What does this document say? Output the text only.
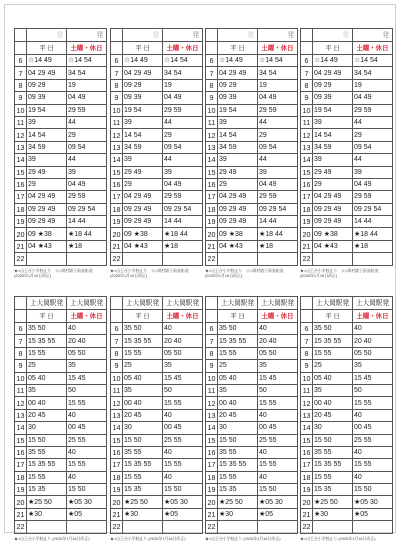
	　　　　発	　　　　発
	平 日	土曜・休日
6	☆14 49	☆14 54
7	04 29 49	34 54
8	09 29	19
9	09 39	04 49
10	19 54	29 59
11	39	44
12	14 54	29
13	34 59	09 54
14	39	44
15	29 49	39
16	29	04 49
17	04 29 49	29 59
18	09 29 49	09 29 54
19	09 29 49	14 44
20	09 ★38	★18 44
21	04 ★43	★18
22		
★=山王台小学校止り　☆=岡村園子前発始発
(2025年1月16日改正)
	　　　　発	　　　　発
	平 日	土曜・休日
6	☆14 49	☆14 54
7	04 29 49	34 54
8	09 29	19
9	09 39	04 49
10	19 54	29 59
11	39	44
12	14 54	29
13	34 59	09 54
14	39	44
15	29 49	39
16	29	04 49
17	04 29 49	29 59
18	09 29 49	09 29 54
19	09 29 49	14 44
20	09 ★38	★18 44
21	04 ★43	★18
22		
★=山王台小学校止り　☆=岡村園子前発始発
(2025年1月16日改正)
	　　　　発	　　　　発
	平 日	土曜・休日
6	☆14 49	☆14 54
7	04 29 49	34 54
8	09 29	19
9	09 39	04 49
10	19 54	29 59
11	39	44
12	14 54	29
13	34 59	09 54
14	39	44
15	29 49	39
16	29	04 49
17	04 29 49	29 59
18	09 29 49	09 29 54
19	09 29 49	14 44
20	09 ★38	★18 44
21	04 ★43	★18
22		
★=山王台小学校止り　☆=岡村園子前発始発
(2025年1月16日改正)
	　　　　発	　　　　発
	平 日	土曜・休日
6	☆14 49	☆14 54
7	04 29 49	34 54
8	09 29	19
9	09 39	04 49
10	19 54	29 59
11	39	44
12	14 54	29
13	34 59	09 54
14	39	44
15	29 49	39
16	29	04 49
17	04 29 49	29 59
18	09 29 49	09 29 54
19	09 29 49	14 44
20	09 ★38	★18 44
21	04 ★43	★18
22		
★=山王台小学校止り　☆=岡村園子前発始発
(2025年1月16日改正)
	上大岡駅発	上大岡駅発
	平 日	土曜・休日
6	35 50	40
7	15 35 55	20 40
8	15 55	05 50
9	25	35
10	05 40	15 45
11	35	50
12	00 40	15 55
13	20 45	40
14	30	00 45
15	15 50	25 55
16	35 55	40
17	15 35 55	15 55
18	15 55	40
19	15 35	15 50
20	★25 50	★05 30
21	★30	★05
22		
★=山王台小学校止り (2025年1月16日改正)
	上大岡駅発	上大岡駅発
	平 日	土曜・休日
6	35 50	40
7	15 35 55	20 40
8	15 55	05 50
9	25	35
10	05 40	15 45
11	35	50
12	00 40	15 55
13	20 45	40
14	30	00 45
15	15 50	25 55
16	35 55	40
17	15 35 55	15 55
18	15 55	40
19	15 35	15 50
20	★25 50	★05 30
21	★30	★05
22		
★=山王台小学校止り (2025年1月16日改正)
	上大岡駅発	上大岡駅発
	平 日	土曜・休日
6	35 50	40
7	15 35 55	20 40
8	15 55	05 50
9	25	35
10	05 40	15 45
11	35	50
12	00 40	15 55
13	20 45	40
14	30	00 45
15	15 50	25 55
16	35 55	40
17	15 35 55	15 55
18	15 55	40
19	15 35	15 50
20	★25 50	★05 30
21	★30	★05
22		
★=山王台小学校止り (2025年1月16日改正)
	上大岡駅発	上大岡駅発
	平 日	土曜・休日
6	35 50	40
7	15 35 55	20 40
8	15 55	05 50
9	25	35
10	05 40	15 45
11	35	50
12	00 40	15 55
13	20 45	40
14	30	00 45
15	15 50	25 55
16	35 55	40
17	15 35 55	15 55
18	15 55	40
19	15 35	15 50
20	★25 50	★05 30
21	★30	★05
22		
★=山王台小学校止り (2025年1月16日改正)
